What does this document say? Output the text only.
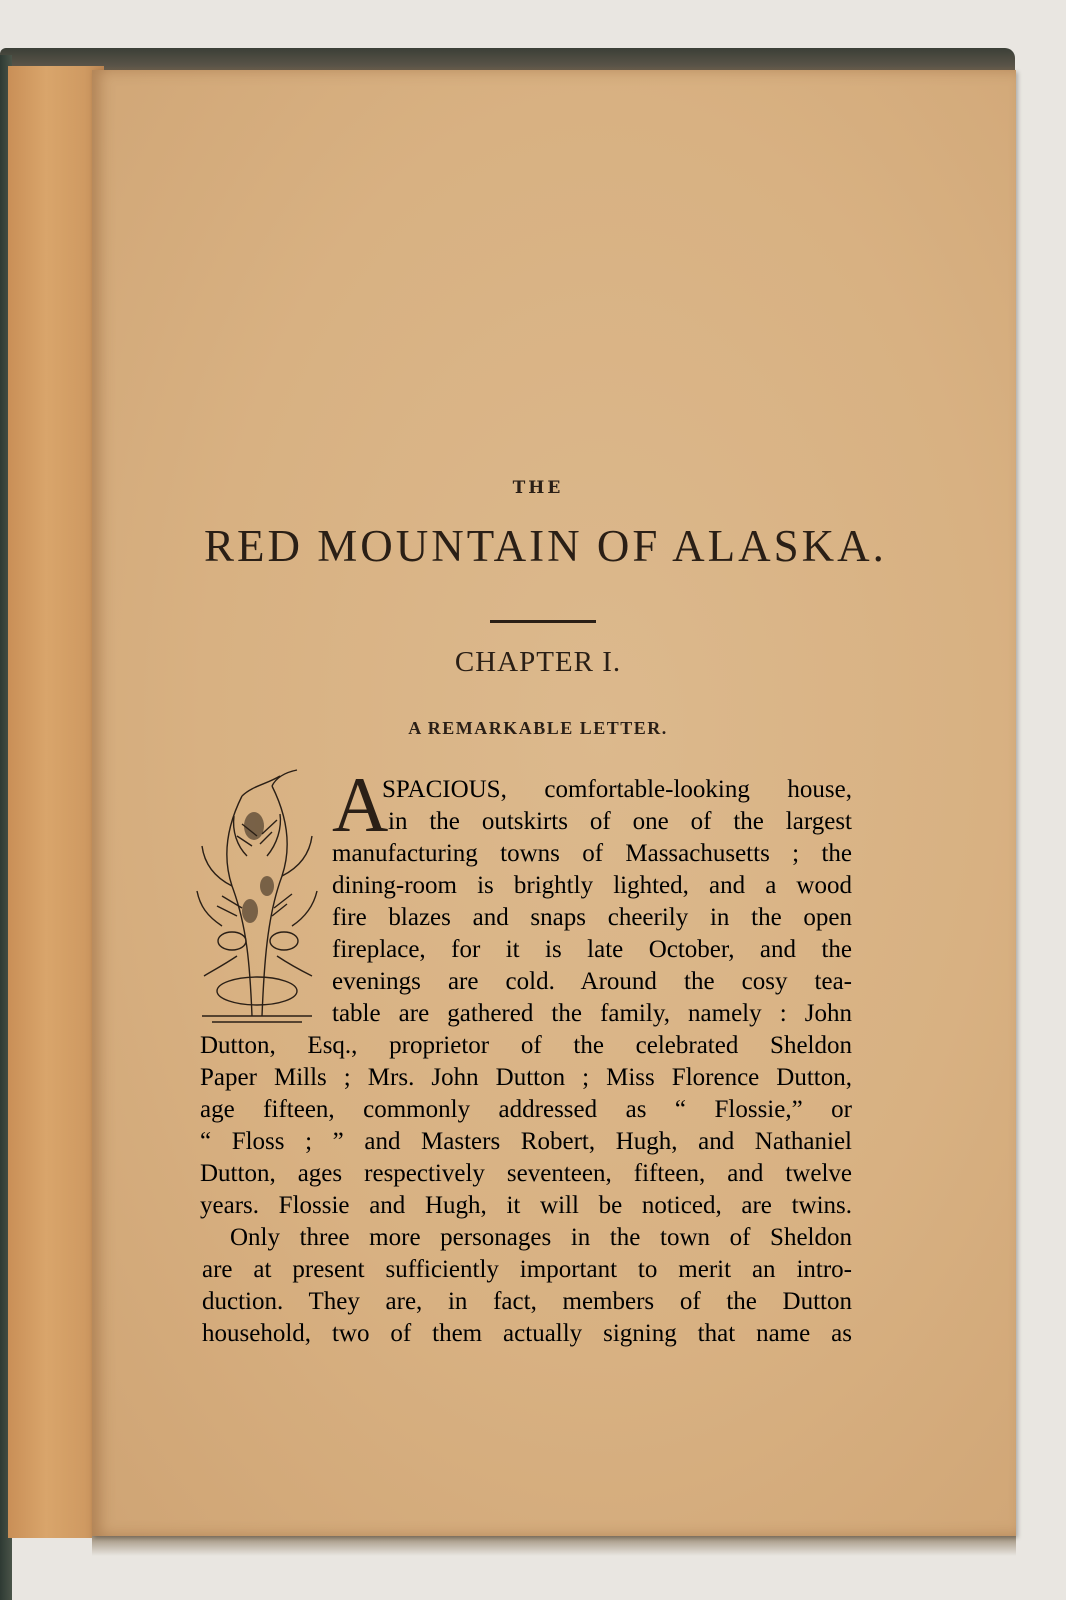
THE
RED MOUNTAIN OF ALASKA.
CHAPTER I.
A REMARKABLE LETTER.
A
SPACIOUS, comfortable-looking house,
in the outskirts of one of the largest
manufacturing towns of Massachusetts ; the
dining-room is brightly lighted, and a wood
fire blazes and snaps cheerily in the open
fireplace, for it is late October, and the
evenings are cold. Around the cosy tea-
table are gathered the family, namely : John
Dutton, Esq., proprietor of the celebrated Sheldon
Paper Mills ; Mrs. John Dutton ; Miss Florence Dutton,
age fifteen, commonly addressed as “ Flossie,” or
“ Floss ; ” and Masters Robert, Hugh, and Nathaniel
Dutton, ages respectively seventeen, fifteen, and twelve
years. Flossie and Hugh, it will be noticed, are twins.
Only three more personages in the town of Sheldon
are at present sufficiently important to merit an intro-
duction. They are, in fact, members of the Dutton
household, two of them actually signing that name as
